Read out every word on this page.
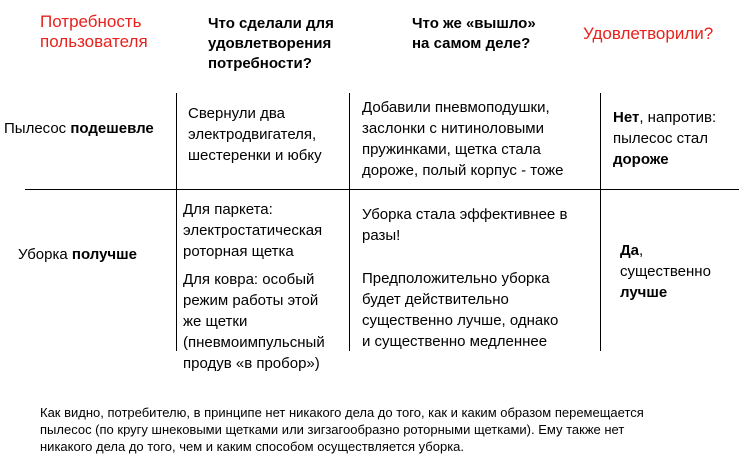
Потребность
пользователя
Что сделали для
удовлетворения
потребности?
Что же «вышло»
на самом деле?
Удовлетворили?
Пылесос подешевле
Свернули два
электродвигателя,
шестеренки и юбку
Добавили пневмоподушки,
заслонки с нитиноловыми
пружинками, щетка стала
дороже, полый корпус - тоже
Нет, напротив:
пылесос стал
дороже
Уборка получше
Для паркета:
электростатическая
роторная щетка
Для ковра: особый
режим работы этой
же щетки
(пневмоимпульсный
продув «в пробор»)
Уборка стала эффективнее в
разы!
Предположительно уборка
будет действительно
существенно лучше, однако
и существенно медленнее
Да,
существенно
лучше
Как видно, потребителю, в принципе нет никакого дела до того, как и каким образом перемещается
пылесос (по кругу шнековыми щетками или зигзагообразно роторными щетками). Ему также нет
никакого дела до того, чем и каким способом осуществляется уборка.
